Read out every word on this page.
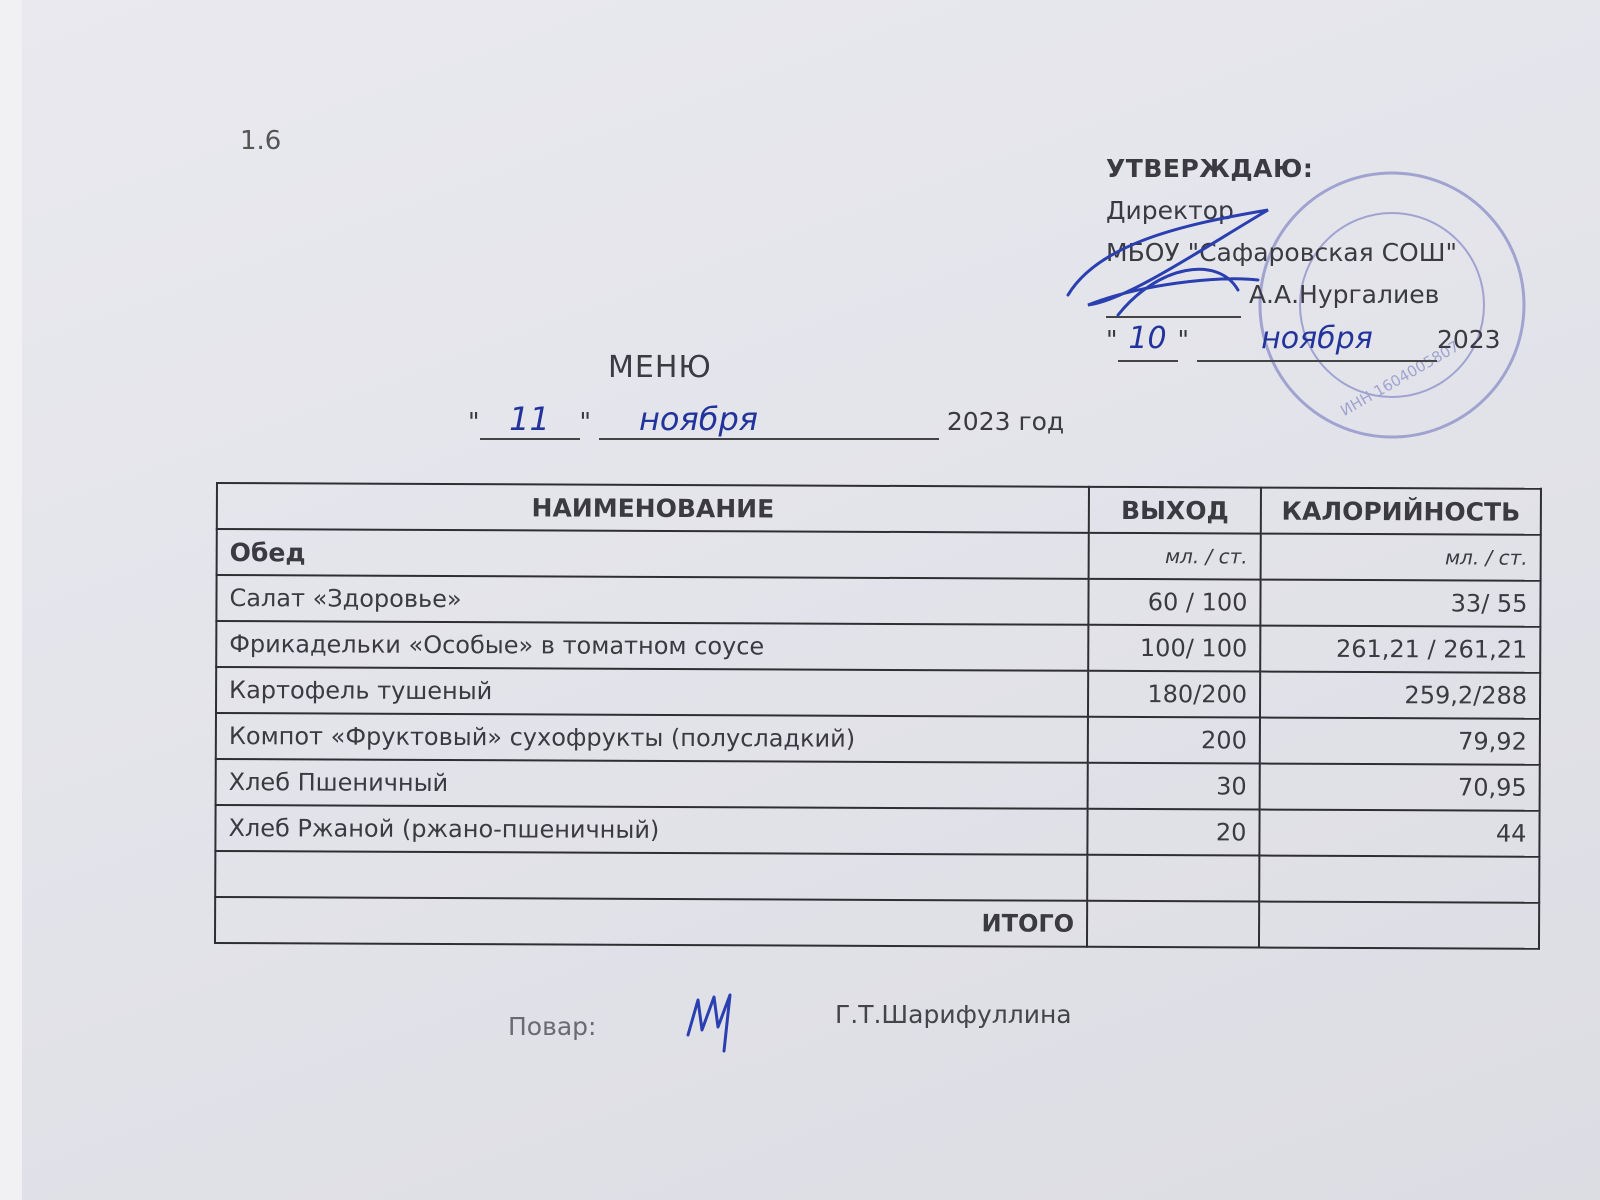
1.6
ИНН 1604005807
УТВЕРЖДАЮ:
Директор
МБОУ "Сафаровская СОШ"
А.А.Нургалиев
" 10 " ноября	2023
МЕНЮ
" 11 " ноября	2023 год
НАИМЕНОВАНИЕ	ВЫХОД	КАЛОРИЙНОСТЬ
Обед	мл. / ст.	мл. / ст.
Салат «Здоровье»	60 / 100	33/ 55
Фрикадельки «Особые» в томатном соусе	100/ 100	261,21 / 261,21
Картофель тушеный	180/200	259,2/288
Компот «Фруктовый» сухофрукты (полусладкий)	200	79,92
Хлеб Пшеничный	30	70,95
Хлеб Ржаной (ржано-пшеничный)	20	44

ИТОГО		
Повар:	Г.Т.Шарифуллина
